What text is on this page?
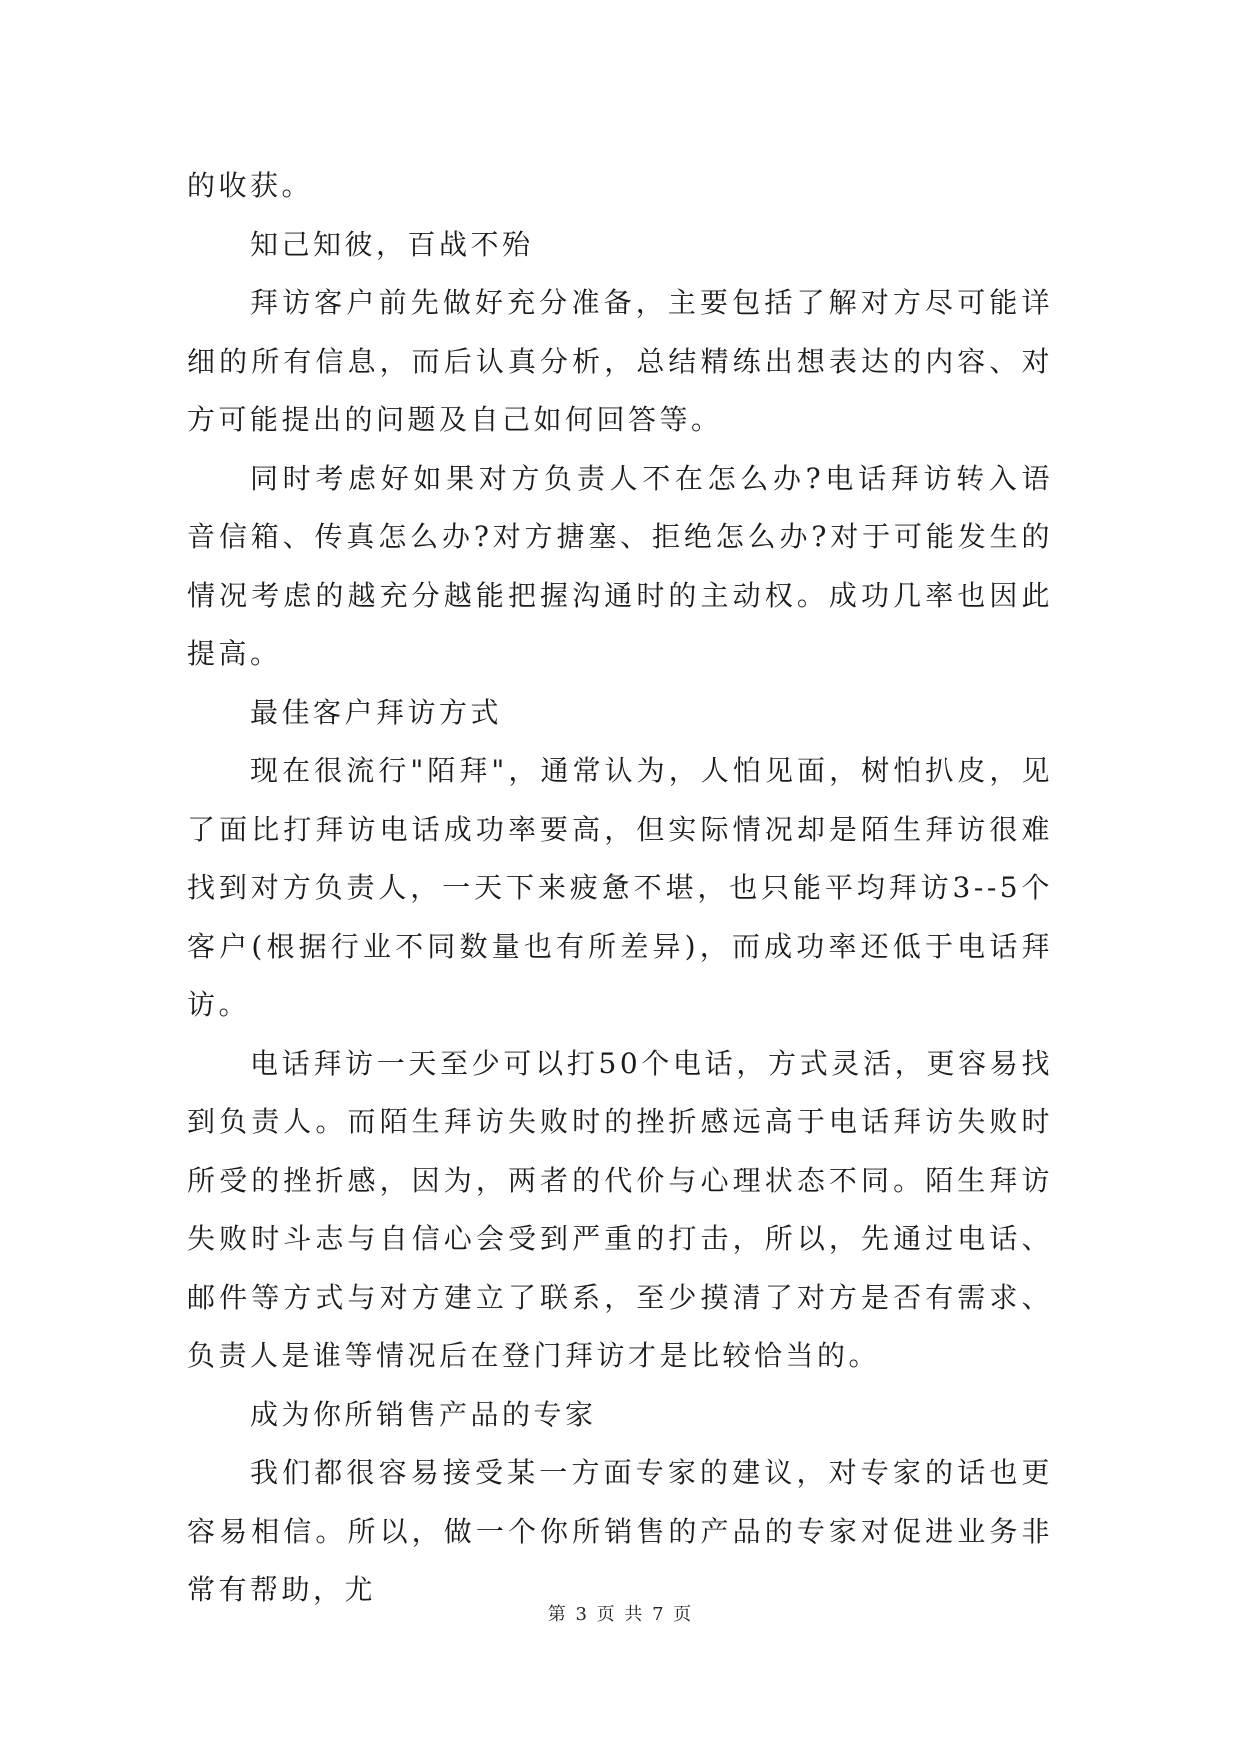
的收获。

知己知彼，百战不殆

拜访客户前先做好充分准备，主要包括了解对方尽可能详细的所有信息，而后认真分析，总结精练出想表达的内容、对方可能提出的问题及自己如何回答等。

同时考虑好如果对方负责人不在怎么办?电话拜访转入语音信箱、传真怎么办?对方搪塞、拒绝怎么办?对于可能发生的情况考虑的越充分越能把握沟通时的主动权。成功几率也因此提高。

最佳客户拜访方式

现在很流行"陌拜"，通常认为，人怕见面，树怕扒皮，见了面比打拜访电话成功率要高，但实际情况却是陌生拜访很难找到对方负责人，一天下来疲惫不堪，也只能平均拜访3--5个客户(根据行业不同数量也有所差异)，而成功率还低于电话拜访。

电话拜访一天至少可以打50个电话，方式灵活，更容易找到负责人。而陌生拜访失败时的挫折感远高于电话拜访失败时所受的挫折感，因为，两者的代价与心理状态不同。陌生拜访失败时斗志与自信心会受到严重的打击，所以，先通过电话、邮件等方式与对方建立了联系，至少摸清了对方是否有需求、负责人是谁等情况后在登门拜访才是比较恰当的。

成为你所销售产品的专家

我们都很容易接受某一方面专家的建议，对专家的话也更容易相信。所以，做一个你所销售的产品的专家对促进业务非常有帮助，尤

第 3 页 共 7 页
